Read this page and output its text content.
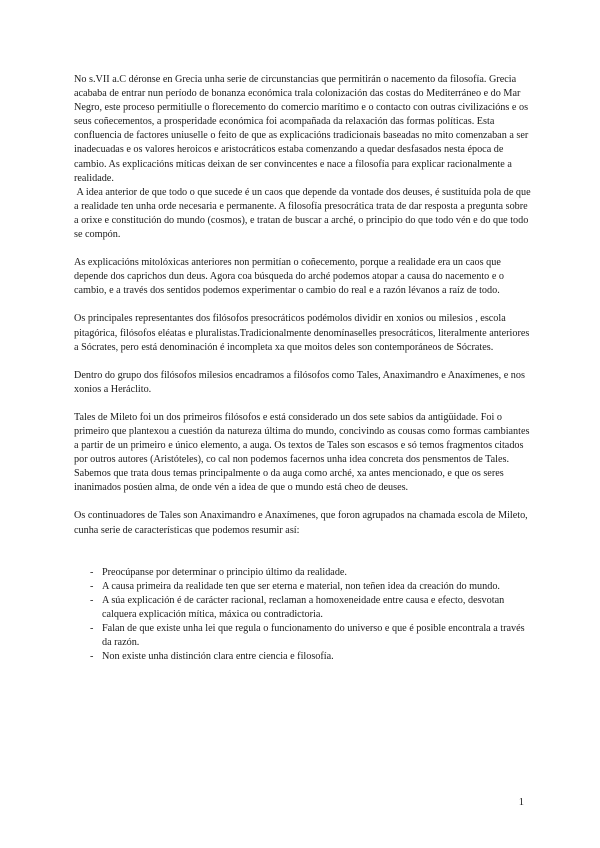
No s.VII a.C déronse en Grecia unha serie de circunstancias que permitirán o nacemento da filosofía. Grecia acababa de entrar nun período de bonanza económica trala colonización das costas do Mediterráneo e do Mar Negro, este proceso permitiulle o florecemento do comercio marítimo e o contacto con outras civilizacións e os seus coñecementos, a prosperidade económica foi acompañada da relaxación das formas políticas. Esta confluencia de factores uniuselle o feito de que as explicacións tradicionais baseadas no mito comenzaban a ser inadecuadas e os valores heroicos e aristocráticos estaba comenzando a quedar desfasados nesta época de cambio. As explicacións míticas deixan de ser convincentes e nace a filosofía para explicar racionalmente a realidade.

A idea anterior de que todo o que sucede é un caos que depende da vontade dos deuses, é sustituída pola de que a realidade ten unha orde necesaria e permanente. A filosofía presocrática trata de dar resposta a pregunta sobre a orixe e constitución do mundo (cosmos), e tratan de buscar a arché, o principio do que todo vén e do que todo se compón.

As explicacións mitolóxicas anteriores non permitían o coñecemento, porque a realidade era un caos que depende dos caprichos dun deus. Agora coa búsqueda do arché podemos atopar a causa do nacemento e o cambio, e a través dos sentidos podemos experimentar o cambio do real e a razón lévanos a raíz de todo.

Os principales representantes dos filósofos presocráticos podémolos dividir en xonios ou milesios , escola pitagórica, filósofos eléatas e pluralistas.Tradicionalmente denomínaselles presocráticos, literalmente anteriores a Sócrates, pero está denominación é incompleta xa que moitos deles son contemporáneos de Sócrates.

Dentro do grupo dos filósofos milesios encadramos a filósofos como Tales, Anaximandro e Anaxímenes, e nos xonios a Heráclito.

Tales de Mileto foi un dos primeiros filósofos e está considerado un dos sete sabios da antigüidade. Foi o primeiro que plantexou a cuestión da natureza última do mundo, concivindo as cousas como formas cambiantes a partir de un primeiro e único elemento, a auga. Os textos de Tales son escasos e só temos fragmentos citados por outros autores (Aristóteles), co cal non podemos facernos unha idea concreta dos pensmentos de Tales. Sabemos que trata dous temas principalmente o da auga como arché, xa antes mencionado, e que os seres inanimados posúen alma, de onde vén a idea de que o mundo está cheo de deuses.

Os continuadores de Tales son Anaximandro e Anaxímenes, que foron agrupados na chamada escola de Mileto, cunha serie de características que podemos resumir así:

- Preocúpanse por determinar o principio último da realidade.
- A causa primeira da realidade ten que ser eterna e material, non teñen idea da creación do mundo.
- A súa explicación é de carácter racional, reclaman a homoxeneidade entre causa e efecto, desvotan calquera explicación mítica, máxica ou contradictoria.
- Falan de que existe unha lei que regula o funcionamento do universo e que é posible encontrala a través da razón.
- Non existe unha distinción clara entre ciencia e filosofía.
1
